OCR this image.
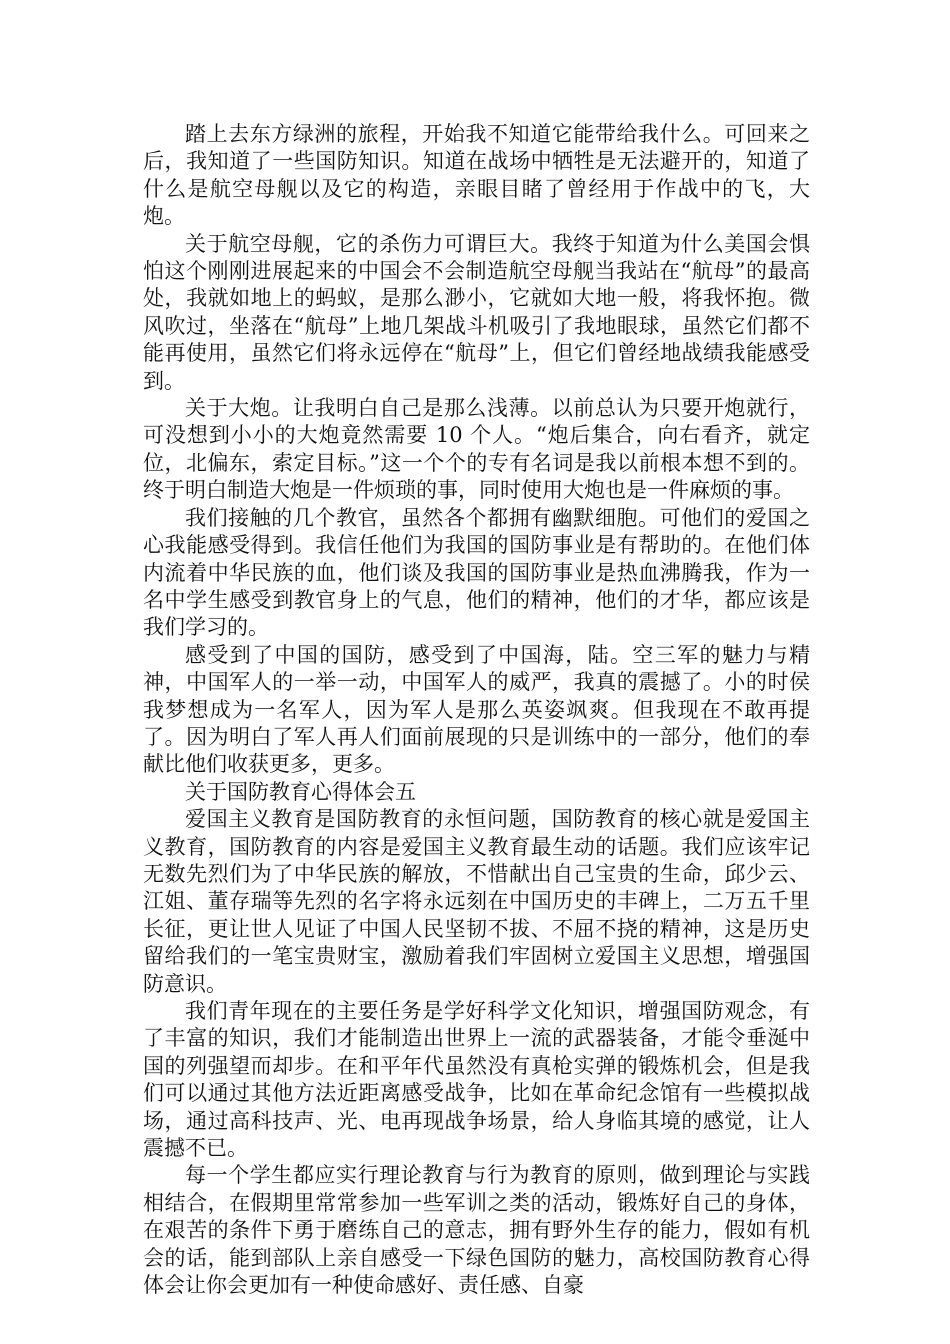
踏上去东方绿洲的旅程，开始我不知道它能带给我什么。可回来之后，我知道了一些国防知识。知道在战场中牺牲是无法避开的，知道了什么是航空母舰以及它的构造，亲眼目睹了曾经用于作战中的飞，大炮。

关于航空母舰，它的杀伤力可谓巨大。我终于知道为什么美国会惧怕这个刚刚进展起来的中国会不会制造航空母舰当我站在“航母”的最高处，我就如地上的蚂蚁，是那么渺小，它就如大地一般，将我怀抱。微风吹过，坐落在“航母”上地几架战斗机吸引了我地眼球，虽然它们都不能再使用，虽然它们将永远停在“航母”上，但它们曾经地战绩我能感受到。

关于大炮。让我明白自己是那么浅薄。以前总认为只要开炮就行，可没想到小小的大炮竟然需要 10 个人。“炮后集合，向右看齐，就定位，北偏东，索定目标。”这一个个的专有名词是我以前根本想不到的。终于明白制造大炮是一件烦琐的事，同时使用大炮也是一件麻烦的事。

我们接触的几个教官，虽然各个都拥有幽默细胞。可他们的爱国之心我能感受得到。我信任他们为我国的国防事业是有帮助的。在他们体内流着中华民族的血，他们谈及我国的国防事业是热血沸腾我，作为一名中学生感受到教官身上的气息，他们的精神，他们的才华，都应该是我们学习的。

感受到了中国的国防，感受到了中国海，陆。空三军的魅力与精神，中国军人的一举一动，中国军人的威严，我真的震撼了。小的时侯我梦想成为一名军人，因为军人是那么英姿飒爽。但我现在不敢再提了。因为明白了军人再人们面前展现的只是训练中的一部分，他们的奉献比他们收获更多，更多。

关于国防教育心得体会五

爱国主义教育是国防教育的永恒问题，国防教育的核心就是爱国主义教育，国防教育的内容是爱国主义教育最生动的话题。我们应该牢记无数先烈们为了中华民族的解放，不惜献出自己宝贵的生命，邱少云、江姐、董存瑞等先烈的名字将永远刻在中国历史的丰碑上，二万五千里长征，更让世人见证了中国人民坚韧不拔、不屈不挠的精神，这是历史留给我们的一笔宝贵财宝，激励着我们牢固树立爱国主义思想，增强国防意识。

我们青年现在的主要任务是学好科学文化知识，增强国防观念，有了丰富的知识，我们才能制造出世界上一流的武器装备，才能令垂涎中国的列强望而却步。在和平年代虽然没有真枪实弹的锻炼机会，但是我们可以通过其他方法近距离感受战争，比如在革命纪念馆有一些模拟战场，通过高科技声、光、电再现战争场景，给人身临其境的感觉，让人震撼不已。

每一个学生都应实行理论教育与行为教育的原则，做到理论与实践相结合，在假期里常常参加一些军训之类的活动，锻炼好自己的身体，在艰苦的条件下勇于磨练自己的意志，拥有野外生存的能力，假如有机会的话，能到部队上亲自感受一下绿色国防的魅力，高校国防教育心得体会让你会更加有一种使命感好、责任感、自豪
